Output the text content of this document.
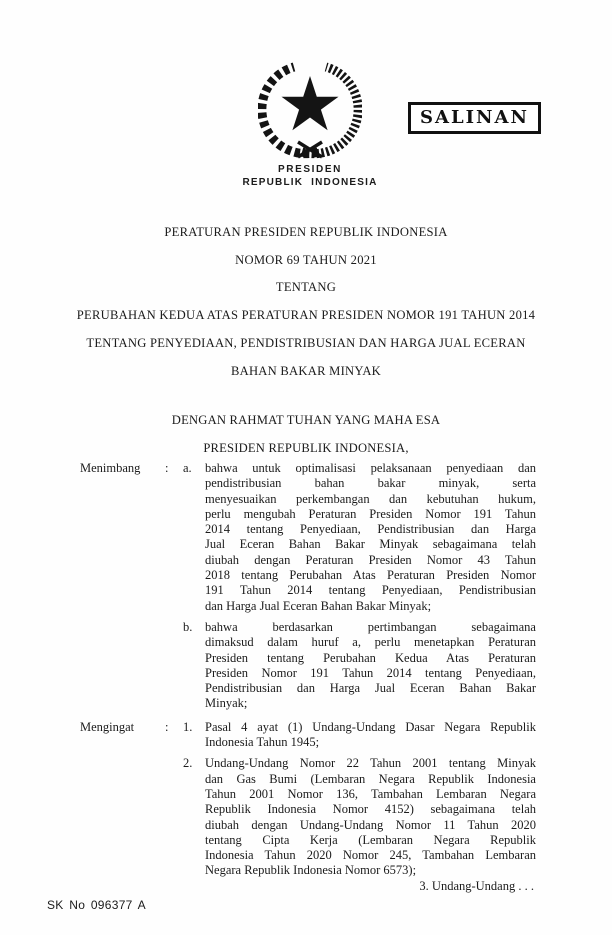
SALINAN
PRESIDEN
REPUBLIK INDONESIA
PERATURAN PRESIDEN REPUBLIK INDONESIA
NOMOR 69 TAHUN 2021
TENTANG
PERUBAHAN KEDUA ATAS PERATURAN PRESIDEN NOMOR 191 TAHUN 2014
TENTANG PENYEDIAAN, PENDISTRIBUSIAN DAN HARGA JUAL ECERAN
BAHAN BAKAR MINYAK
DENGAN RAHMAT TUHAN YANG MAHA ESA
PRESIDEN REPUBLIK INDONESIA,
Menimbang	:	a.	bahwa untuk optimalisasi pelaksanaan penyediaan dan
pendistribusian bahan bakar minyak, serta
menyesuaikan perkembangan dan kebutuhan hukum,
perlu mengubah Peraturan Presiden Nomor 191 Tahun
2014 tentang Penyediaan, Pendistribusian dan Harga
Jual Eceran Bahan Bakar Minyak sebagaimana telah
diubah dengan Peraturan Presiden Nomor 43 Tahun
2018 tentang Perubahan Atas Peraturan Presiden Nomor
191 Tahun 2014 tentang Penyediaan, Pendistribusian
dan Harga Jual Eceran Bahan Bakar Minyak;
b.	bahwa berdasarkan pertimbangan sebagaimana
dimaksud dalam huruf a, perlu menetapkan Peraturan
Presiden tentang Perubahan Kedua Atas Peraturan
Presiden Nomor 191 Tahun 2014 tentang Penyediaan,
Pendistribusian dan Harga Jual Eceran Bahan Bakar
Minyak;
Mengingat	:	1.	Pasal 4 ayat (1) Undang-Undang Dasar Negara Republik
Indonesia Tahun 1945;
2.	Undang-Undang Nomor 22 Tahun 2001 tentang Minyak
dan Gas Bumi (Lembaran Negara Republik Indonesia
Tahun 2001 Nomor 136, Tambahan Lembaran Negara
Republik Indonesia Nomor 4152) sebagaimana telah
diubah dengan Undang-Undang Nomor 11 Tahun 2020
tentang Cipta Kerja (Lembaran Negara Republik
Indonesia Tahun 2020 Nomor 245, Tambahan Lembaran
Negara Republik Indonesia Nomor 6573);
3. Undang-Undang . . .
SK No 096377 A
